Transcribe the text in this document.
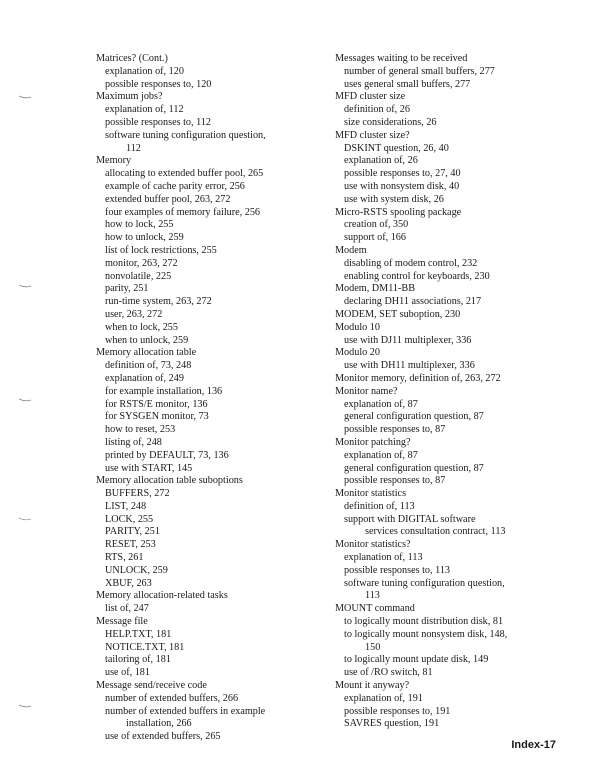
Matrices? (Cont.)
explanation of, 120
possible responses to, 120
Maximum jobs?
explanation of, 112
possible responses to, 112
software tuning configuration question,
112
Memory
allocating to extended buffer pool, 265
example of cache parity error, 256
extended buffer pool, 263, 272
four examples of memory failure, 256
how to lock, 255
how to unlock, 259
list of lock restrictions, 255
monitor, 263, 272
nonvolatile, 225
parity, 251
run-time system, 263, 272
user, 263, 272
when to lock, 255
when to unlock, 259
Memory allocation table
definition of, 73, 248
explanation of, 249
for example installation, 136
for RSTS/E monitor, 136
for SYSGEN monitor, 73
how to reset, 253
listing of, 248
printed by DEFAULT, 73, 136
use with START, 145
Memory allocation table suboptions
BUFFERS, 272
LIST, 248
LOCK, 255
PARITY, 251
RESET, 253
RTS, 261
UNLOCK, 259
XBUF, 263
Memory allocation-related tasks
list of, 247
Message file
HELP.TXT, 181
NOTICE.TXT, 181
tailoring of, 181
use of, 181
Message send/receive code
number of extended buffers, 266
number of extended buffers in example
installation, 266
use of extended buffers, 265
Messages waiting to be received
number of general small buffers, 277
uses general small buffers, 277
MFD cluster size
definition of, 26
size considerations, 26
MFD cluster size?
DSKINT question, 26, 40
explanation of, 26
possible responses to, 27, 40
use with nonsystem disk, 40
use with system disk, 26
Micro-RSTS spooling package
creation of, 350
support of, 166
Modem
disabling of modem control, 232
enabling control for keyboards, 230
Modem, DM11-BB
declaring DH11 associations, 217
MODEM, SET suboption, 230
Modulo 10
use with DJ11 multiplexer, 336
Modulo 20
use with DH11 multiplexer, 336
Monitor memory, definition of, 263, 272
Monitor name?
explanation of, 87
general configuration question, 87
possible responses to, 87
Monitor patching?
explanation of, 87
general configuration question, 87
possible responses to, 87
Monitor statistics
definition of, 113
support with DIGITAL software
services consultation contract, 113
Monitor statistics?
explanation of, 113
possible responses to, 113
software tuning configuration question,
113
MOUNT command
to logically mount distribution disk, 81
to logically mount nonsystem disk, 148,
150
to logically mount update disk, 149
use of /RO switch, 81
Mount it anyway?
explanation of, 191
possible responses to, 191
SAVRES question, 191
Index-17
